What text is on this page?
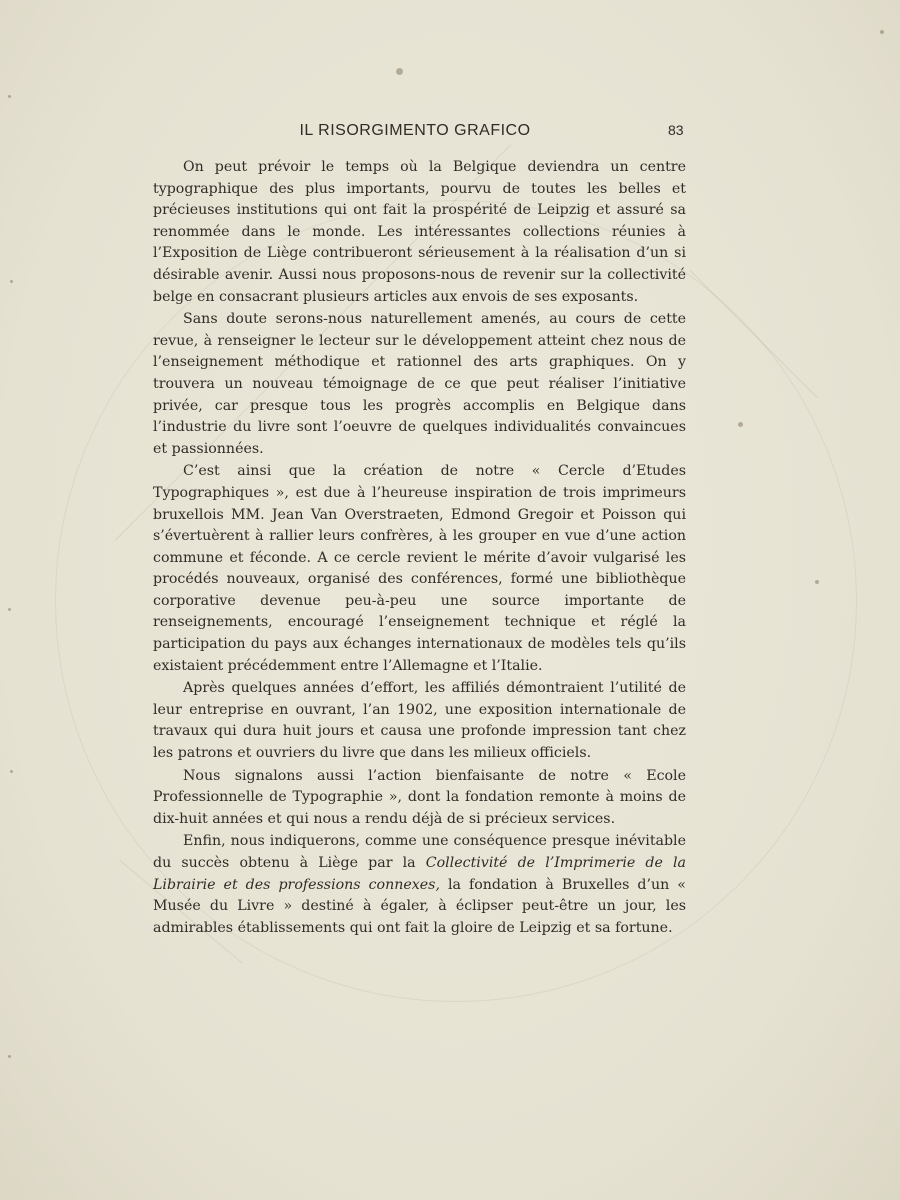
IL RISORGIMENTO GRAFICO	83

On peut prévoir le temps où la Belgique deviendra un centre typographique des plus importants, pourvu de toutes les belles et précieuses institutions qui ont fait la prospérité de Leipzig et assuré sa renommée dans le monde. Les intéressantes collections réunies à l’Exposition de Liège contribueront sérieusement à la réalisation d’un si désirable avenir. Aussi nous proposons-nous de revenir sur la collectivité belge en consacrant plusieurs articles aux envois de ses exposants.

Sans doute serons-nous naturellement amenés, au cours de cette revue, à renseigner le lecteur sur le développement atteint chez nous de l’enseignement méthodique et rationnel des arts graphiques. On y trouvera un nouveau témoignage de ce que peut réaliser l’initiative privée, car presque tous les progrès accomplis en Belgique dans l’industrie du livre sont l’oeuvre de quelques individualités convaincues et passionnées.

C’est ainsi que la création de notre « Cercle d’Etudes Typographiques », est due à l’heureuse inspiration de trois imprimeurs bruxellois MM. Jean Van Overstraeten, Edmond Gregoir et Poisson qui s’évertuèrent à rallier leurs confrères, à les grouper en vue d’une action commune et féconde. A ce cercle revient le mérite d’avoir vulgarisé les procédés nouveaux, organisé des conférences, formé une bibliothèque corporative devenue peu-à-peu une source importante de renseignements, encouragé l’enseignement technique et réglé la participation du pays aux échanges internationaux de modèles tels qu’ils existaient précédemment entre l’Allemagne et l’Italie.

Après quelques années d’effort, les affiliés démontraient l’utilité de leur entreprise en ouvrant, l’an 1902, une exposition internationale de travaux qui dura huit jours et causa une profonde impression tant chez les patrons et ouvriers du livre que dans les milieux officiels.

Nous signalons aussi l’action bienfaisante de notre « Ecole Professionnelle de Typographie », dont la fondation remonte à moins de dix-huit années et qui nous a rendu déjà de si précieux services.

Enfin, nous indiquerons, comme une conséquence presque inévitable du succès obtenu à Liège par la Collectivité de l’Imprimerie de la Librairie et des professions connexes, la fondation à Bruxelles d’un « Musée du Livre » destiné à égaler, à éclipser peut-être un jour, les admirables établissements qui ont fait la gloire de Leipzig et sa fortune.
